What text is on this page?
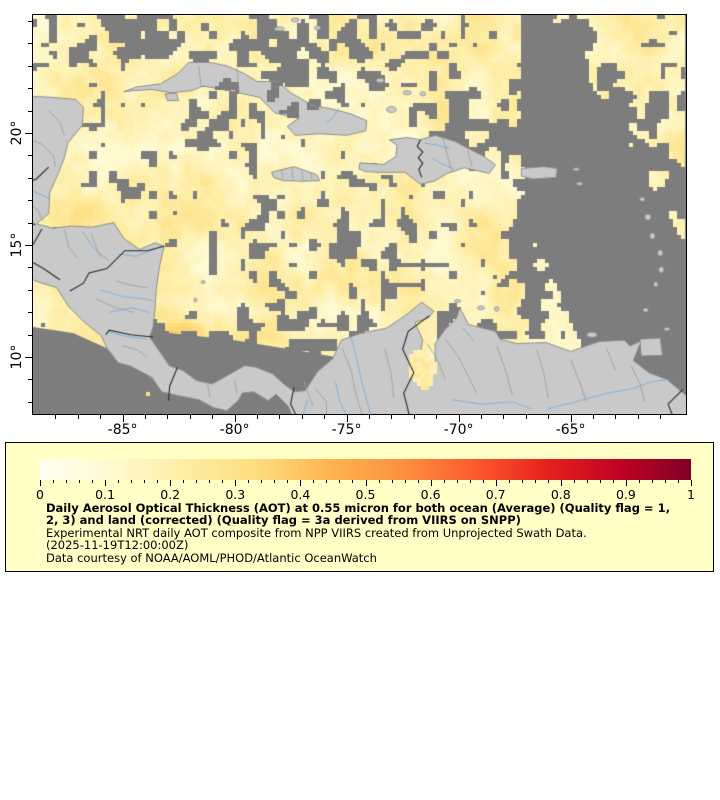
-85°	-80°	-75°	-70°	-65°
20°
15°
10°
0	0.1	0.2	0.3	0.4	0.5	0.6	0.7	0.8	0.9	1
Daily Aerosol Optical Thickness (AOT) at 0.55 micron for both ocean (Average) (Quality flag = 1,
2, 3) and land (corrected) (Quality flag = 3a derived from VIIRS on SNPP)
Experimental NRT daily AOT composite from NPP VIIRS created from Unprojected Swath Data.
(2025-11-19T12:00:00Z)
Data courtesy of NOAA/AOML/PHOD/Atlantic OceanWatch
